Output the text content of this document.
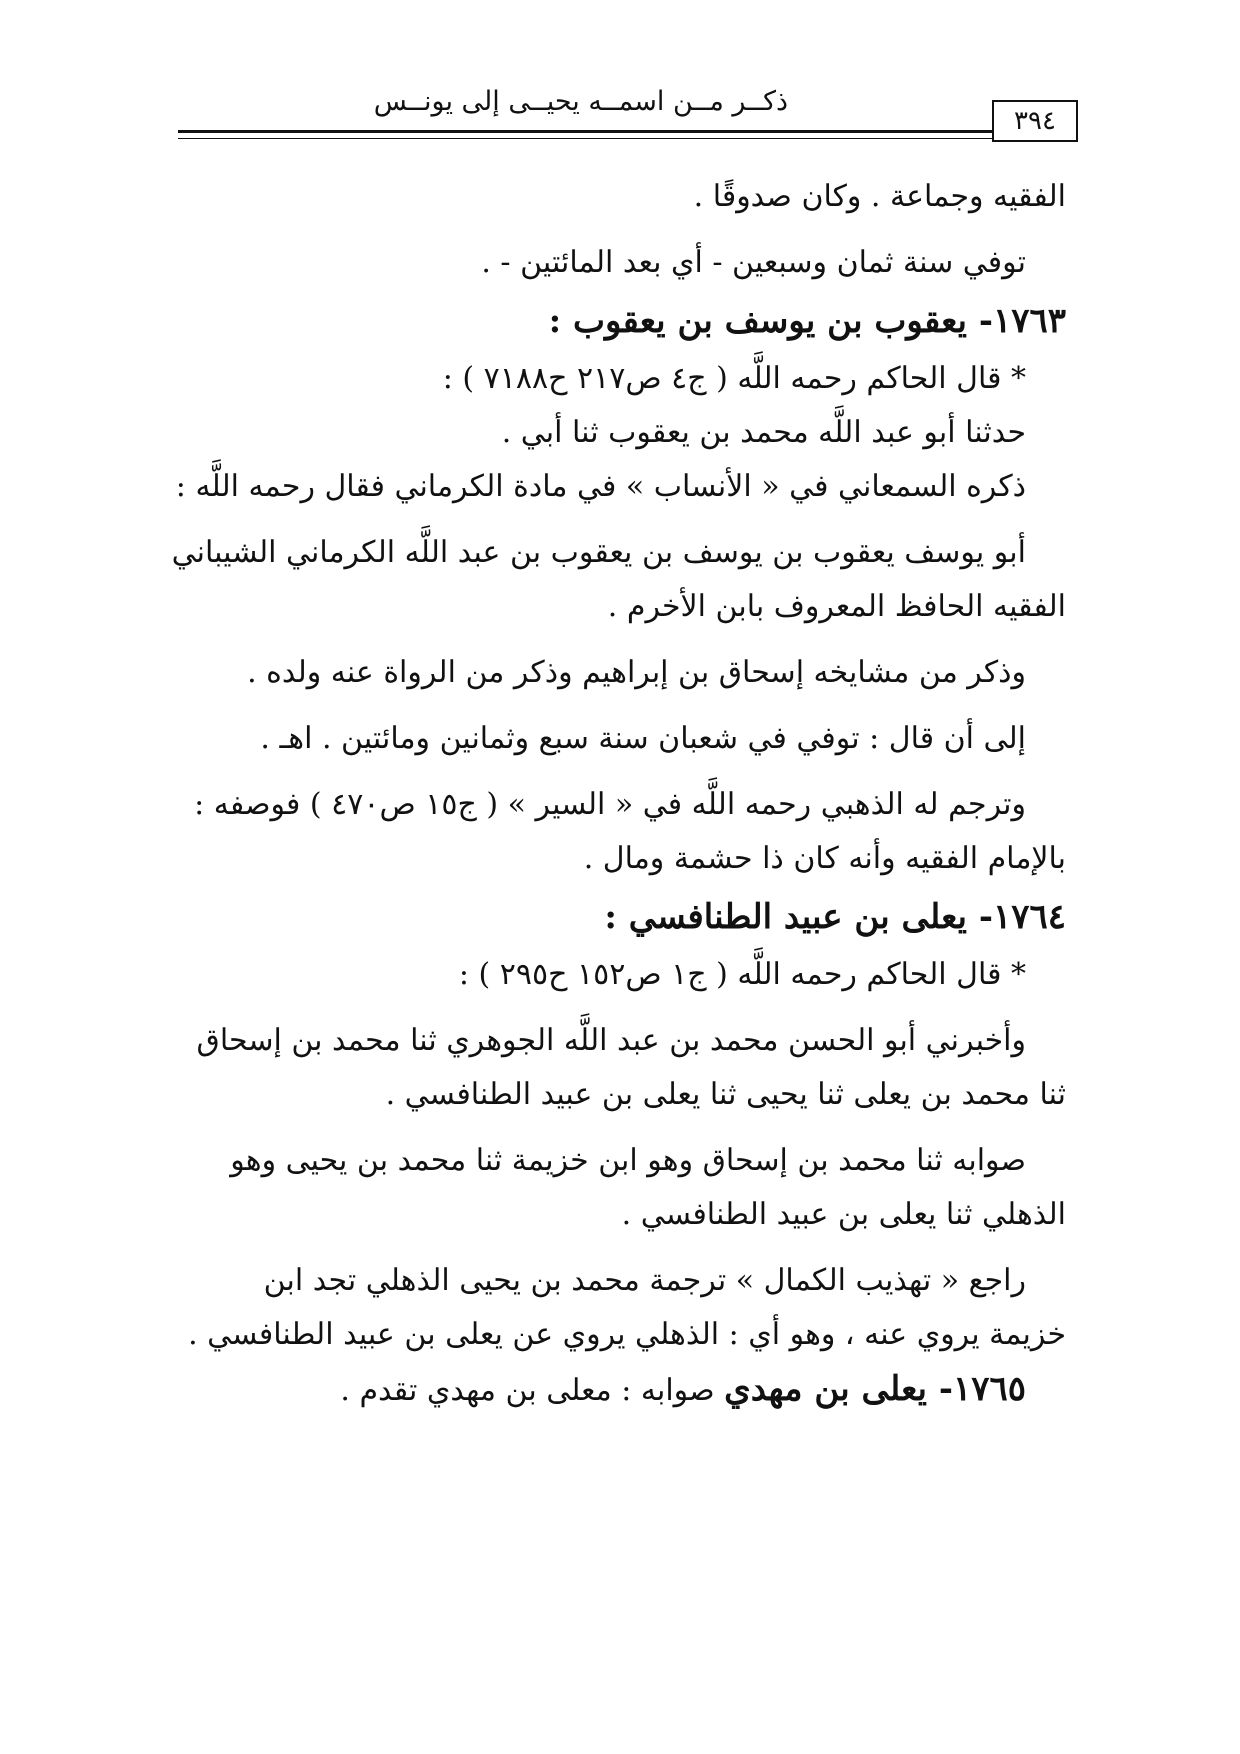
ذكــر مــن اسمــه يحيــى إلى يونــس
٣٩٤

الفقيه وجماعة . وكان صدوقًا .

توفي سنة ثمان وسبعين - أي بعد المائتين - .

١٧٦٣- يعقوب بن يوسف بن يعقوب :

* قال الحاكم رحمه اللَّه ( ج٤ ص٢١٧ ح٧١٨٨ ) :

حدثنا أبو عبد اللَّه محمد بن يعقوب ثنا أبي .

ذكره السمعاني في « الأنساب » في مادة الكرماني فقال رحمه اللَّه :

أبو يوسف يعقوب بن يوسف بن يعقوب بن عبد اللَّه الكرماني الشيباني

الفقيه الحافظ المعروف بابن الأخرم .

وذكر من مشايخه إسحاق بن إبراهيم وذكر من الرواة عنه ولده .

إلى أن قال : توفي في شعبان سنة سبع وثمانين ومائتين . اهـ .

وترجم له الذهبي رحمه اللَّه في « السير » ( ج١٥ ص٤٧٠ ) فوصفه :

بالإمام الفقيه وأنه كان ذا حشمة ومال .

١٧٦٤- يعلى بن عبيد الطنافسي :

* قال الحاكم رحمه اللَّه ( ج١ ص١٥٢ ح٢٩٥ ) :

وأخبرني أبو الحسن محمد بن عبد اللَّه الجوهري ثنا محمد بن إسحاق

ثنا محمد بن يعلى ثنا يحيى ثنا يعلى بن عبيد الطنافسي .

صوابه ثنا محمد بن إسحاق وهو ابن خزيمة ثنا محمد بن يحيى وهو

الذهلي ثنا يعلى بن عبيد الطنافسي .

راجع « تهذيب الكمال » ترجمة محمد بن يحيى الذهلي تجد ابن

خزيمة يروي عنه ، وهو أي : الذهلي يروي عن يعلى بن عبيد الطنافسي .

١٧٦٥- يعلى بن مهدي صوابه : معلى بن مهدي تقدم .
